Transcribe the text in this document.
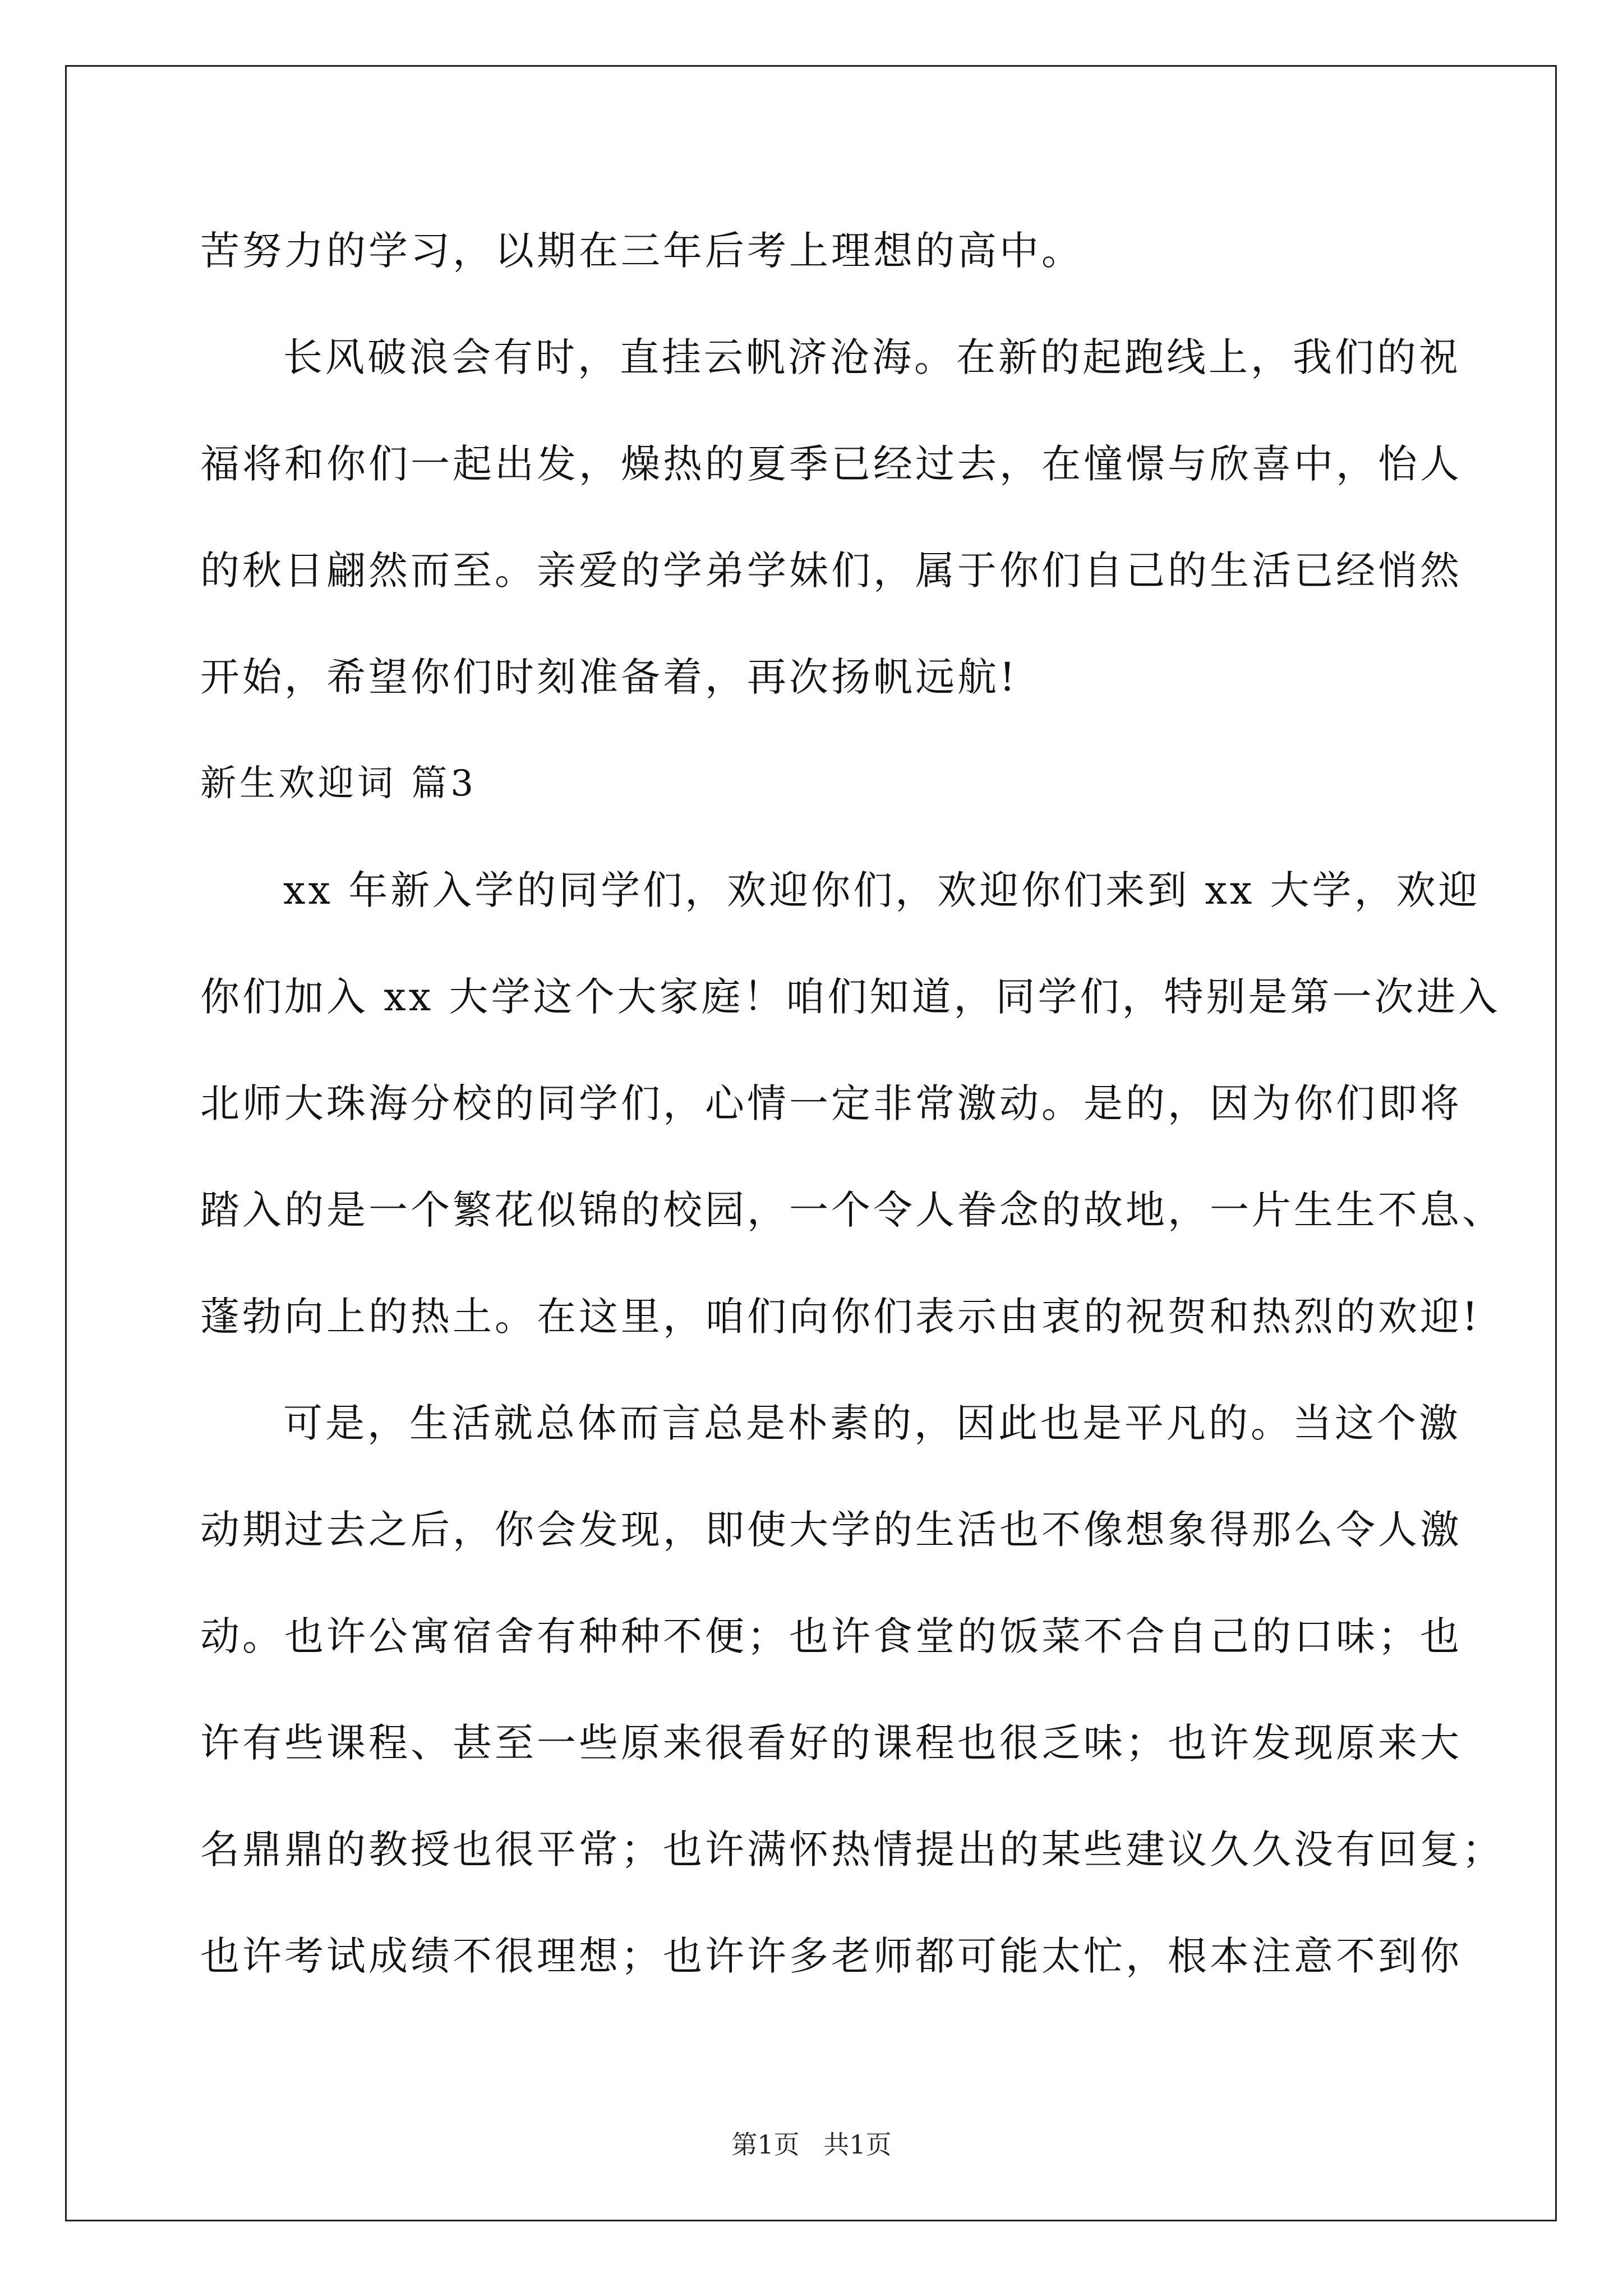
苦努力的学习，以期在三年后考上理想的高中。
长风破浪会有时，直挂云帆济沧海。在新的起跑线上，我们的祝
福将和你们一起出发，燥热的夏季已经过去，在憧憬与欣喜中，怡人
的秋日翩然而至。亲爱的学弟学妹们，属于你们自己的生活已经悄然
开始，希望你们时刻准备着，再次扬帆远航!
新生欢迎词 篇3
xx 年新入学的同学们，欢迎你们，欢迎你们来到 xx 大学，欢迎
你们加入 xx 大学这个大家庭！咱们知道，同学们，特别是第一次进入
北师大珠海分校的同学们，心情一定非常激动。是的，因为你们即将
踏入的是一个繁花似锦的校园，一个令人眷念的故地，一片生生不息、
蓬勃向上的热土。在这里，咱们向你们表示由衷的祝贺和热烈的欢迎!
可是，生活就总体而言总是朴素的，因此也是平凡的。当这个激
动期过去之后，你会发现，即使大学的生活也不像想象得那么令人激
动。也许公寓宿舍有种种不便；也许食堂的饭菜不合自己的口味；也
许有些课程、甚至一些原来很看好的课程也很乏味；也许发现原来大
名鼎鼎的教授也很平常；也许满怀热情提出的某些建议久久没有回复；
也许考试成绩不很理想；也许许多老师都可能太忙，根本注意不到你
第1页 共1页
